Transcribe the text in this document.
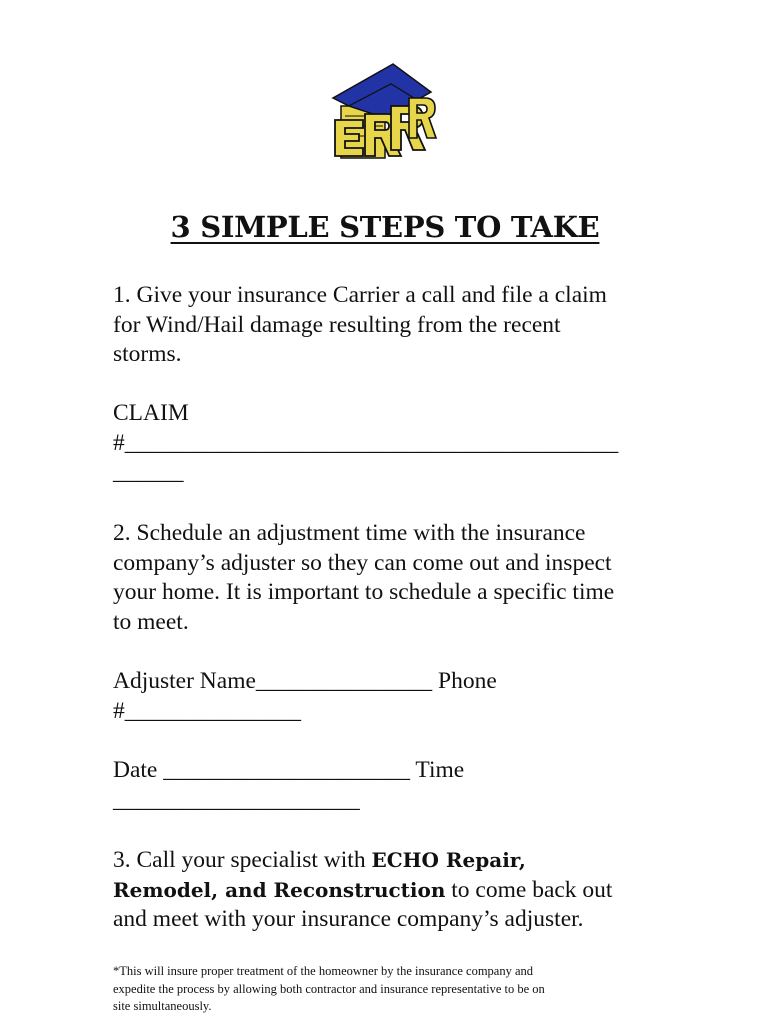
3 SIMPLE STEPS TO TAKE
1. Give your insurance Carrier a call and file a claim
for Wind/Hail damage resulting from the recent
storms.
CLAIM
#__________________________________________
______
2. Schedule an adjustment time with the insurance
company’s adjuster so they can come out and inspect
your home. It is important to schedule a specific time
to meet.
Adjuster Name_______________ Phone
#_______________
Date _____________________ Time
_____________________
3. Call your specialist with ECHO Repair,
Remodel, and Reconstruction to come back out
and meet with your insurance company’s adjuster.
*This will insure proper treatment of the homeowner by the insurance company and
expedite the process by allowing both contractor and insurance representative to be on
site simultaneously.
